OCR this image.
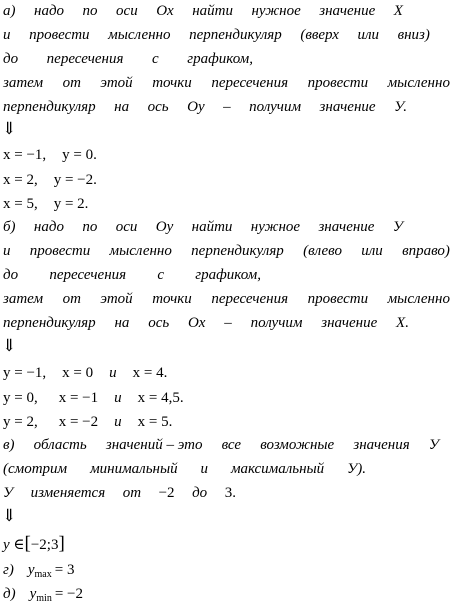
а) надо по оси Ох найти нужное значение Х
и провести мысленно перпендикуляр (вверх или вниз)
до пересечения с графиком,
затем от этой точки пересечения провести мысленно
перпендикуляр на ось Оу – получим значение У.
⇓
x = −1, y = 0.
x = 2, y = −2.
x = 5, y = 2.
б) надо по оси Оу найти нужное значение У
и провести мысленно перпендикуляр (влево или вправо)
до пересечения с графиком,
затем от этой точки пересечения провести мысленно
перпендикуляр на ось Ох – получим значение Х.
⇓
y = −1, x = 0 и x = 4.
y = 0, x = −1 и x = 4,5.
y = 2, x = −2 и x = 5.
в) область значений – это все возможные значения У
(смотрим минимальный и максимальный У).
У изменяется от −2 до 3.
⇓
y ∈[−2;3]
г) $y_{max} = 3$
д) $y_{min} = -2$
